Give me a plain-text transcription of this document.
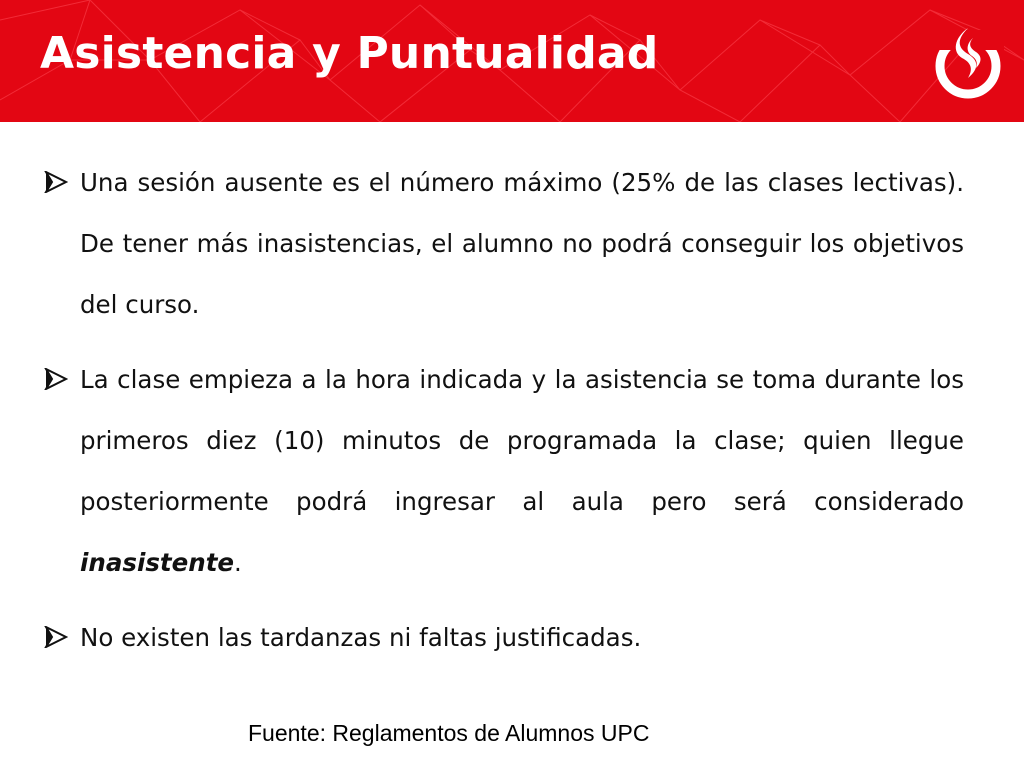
Asistencia y Puntualidad
Una sesión ausente es el número máximo (25% de las clases lectivas). De tener más inasistencias, el alumno no podrá conseguir los objetivos del curso.
La clase empieza a la hora indicada y la asistencia se toma durante los primeros diez (10) minutos de programada la clase; quien llegue posteriormente podrá ingresar al aula pero será considerado inasistente.
No existen las tardanzas ni faltas justificadas.
Fuente: Reglamentos de Alumnos UPC
